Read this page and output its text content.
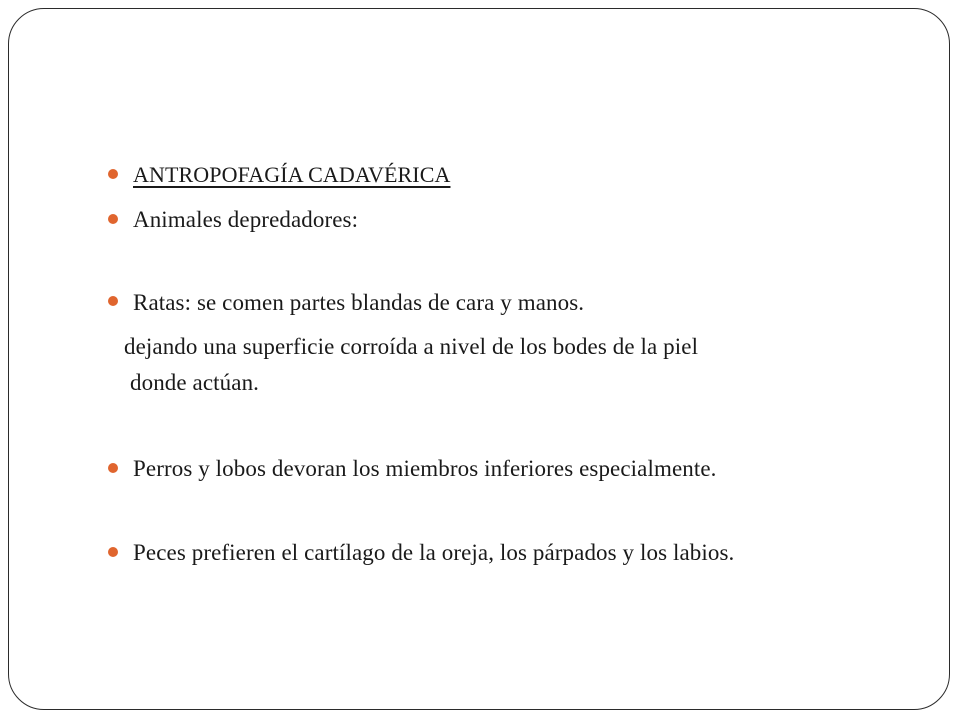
ANTROPOFAGÍA CADAVÉRICA
Animales depredadores:
Ratas: se comen partes blandas de cara y manos.
dejando una superficie corroída a nivel de los bodes de la piel
donde actúan.
Perros y lobos devoran los miembros inferiores especialmente.
Peces prefieren el cartílago de la oreja, los párpados y los labios.
